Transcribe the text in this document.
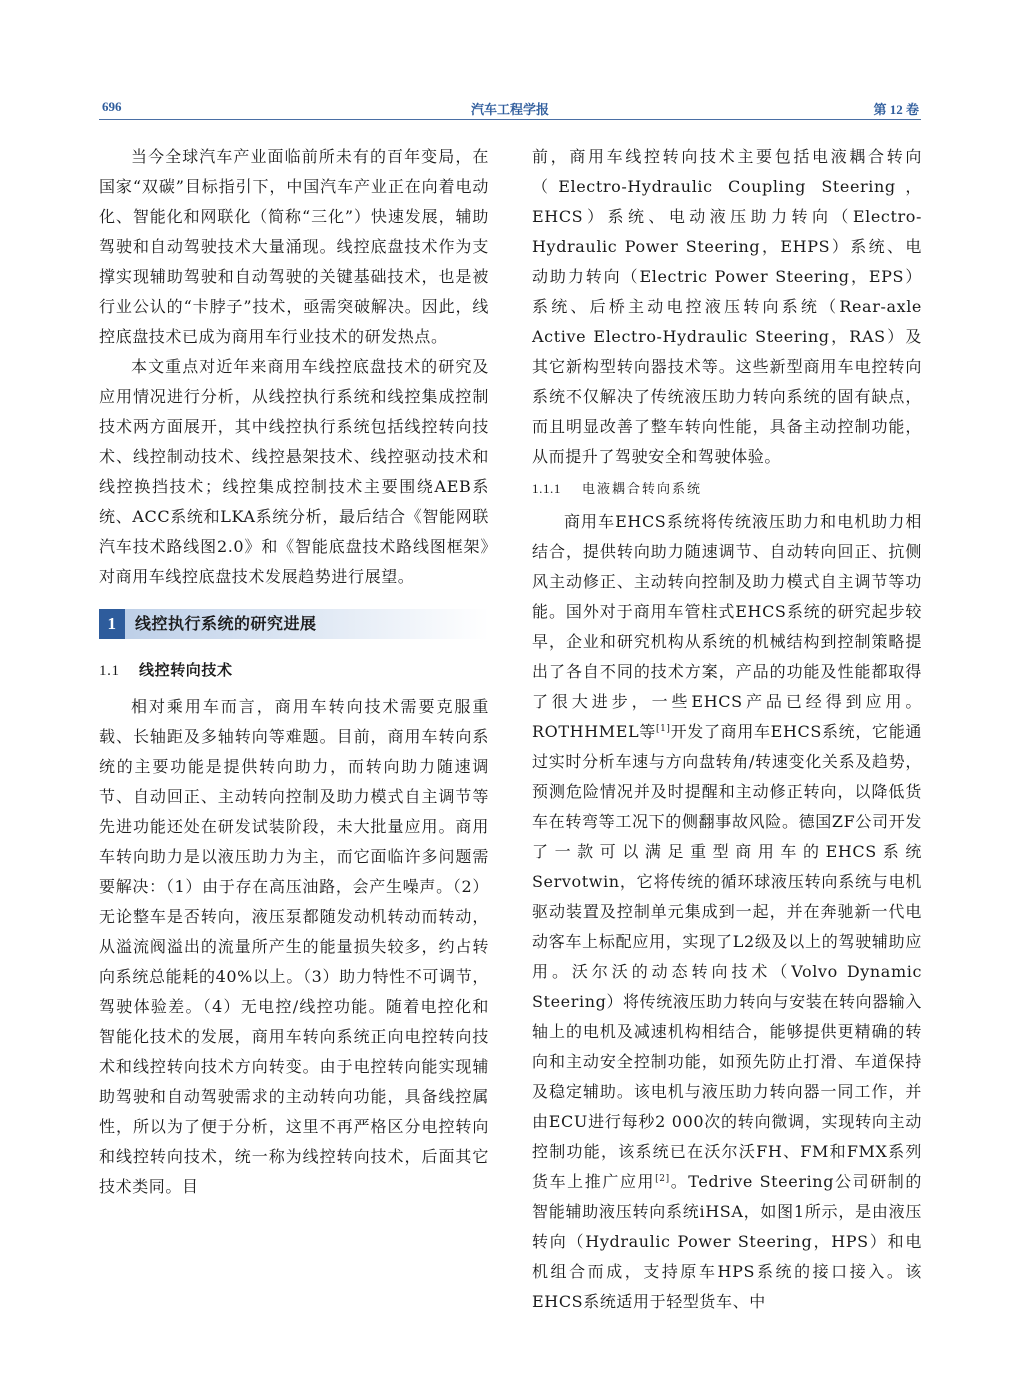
696	汽车工程学报	第 12 卷

当今全球汽车产业面临前所未有的百年变局，在国家“双碳”目标指引下，中国汽车产业正在向着电动化、智能化和网联化（简称“三化”）快速发展，辅助驾驶和自动驾驶技术大量涌现。线控底盘技术作为支撑实现辅助驾驶和自动驾驶的关键基础技术，也是被行业公认的“卡脖子”技术，亟需突破解决。因此，线控底盘技术已成为商用车行业技术的研发热点。

本文重点对近年来商用车线控底盘技术的研究及应用情况进行分析，从线控执行系统和线控集成控制技术两方面展开，其中线控执行系统包括线控转向技术、线控制动技术、线控悬架技术、线控驱动技术和线控换挡技术；线控集成控制技术主要围绕AEB系统、ACC系统和LKA系统分析，最后结合《智能网联汽车技术路线图2.0》和《智能底盘技术路线图框架》对商用车线控底盘技术发展趋势进行展望。

1	线控执行系统的研究进展
1.1 线控转向技术

相对乘用车而言，商用车转向技术需要克服重载、长轴距及多轴转向等难题。目前，商用车转向系统的主要功能是提供转向助力，而转向助力随速调节、自动回正、主动转向控制及助力模式自主调节等先进功能还处在研发试装阶段，未大批量应用。商用车转向助力是以液压助力为主，而它面临许多问题需要解决：（1）由于存在高压油路，会产生噪声。（2）无论整车是否转向，液压泵都随发动机转动而转动，从溢流阀溢出的流量所产生的能量损失较多，约占转向系统总能耗的40%以上。（3）助力特性不可调节，驾驶体验差。（4）无电控/线控功能。随着电控化和智能化技术的发展，商用车转向系统正向电控转向技术和线控转向技术方向转变。由于电控转向能实现辅助驾驶和自动驾驶需求的主动转向功能，具备线控属性，所以为了便于分析，这里不再严格区分电控转向和线控转向技术，统一称为线控转向技术，后面其它技术类同。目

前，商用车线控转向技术主要包括电液耦合转向（Electro-Hydraulic Coupling Steering，EHCS）系统、电动液压助力转向（Electro-Hydraulic Power Steering，EHPS）系统、电动助力转向（Electric Power Steering，EPS）系统、后桥主动电控液压转向系统（Rear-axle Active Electro-Hydraulic Steering，RAS）及其它新构型转向器技术等。这些新型商用车电控转向系统不仅解决了传统液压助力转向系统的固有缺点，而且明显改善了整车转向性能，具备主动控制功能，从而提升了驾驶安全和驾驶体验。

1.1.1 电液耦合转向系统

商用车EHCS系统将传统液压助力和电机助力相结合，提供转向助力随速调节、自动转向回正、抗侧风主动修正、主动转向控制及助力模式自主调节等功能。国外对于商用车管柱式EHCS系统的研究起步较早，企业和研究机构从系统的机械结构到控制策略提出了各自不同的技术方案，产品的功能及性能都取得了很大进步，一些EHCS产品已经得到应用。ROTHHMEL等[1]开发了商用车EHCS系统，它能通过实时分析车速与方向盘转角/转速变化关系及趋势，预测危险情况并及时提醒和主动修正转向，以降低货车在转弯等工况下的侧翻事故风险。德国ZF公司开发了一款可以满足重型商用车的EHCS系统Servotwin，它将传统的循环球液压转向系统与电机驱动装置及控制单元集成到一起，并在奔驰新一代电动客车上标配应用，实现了L2级及以上的驾驶辅助应用。沃尔沃的动态转向技术（Volvo Dynamic Steering）将传统液压助力转向与安装在转向器输入轴上的电机及减速机构相结合，能够提供更精确的转向和主动安全控制功能，如预先防止打滑、车道保持及稳定辅助。该电机与液压助力转向器一同工作，并由ECU进行每秒2 000次的转向微调，实现转向主动控制功能，该系统已在沃尔沃FH、FM和FMX系列货车上推广应用[2]。Tedrive Steering公司研制的智能辅助液压转向系统iHSA，如图1所示，是由液压转向（Hydraulic Power Steering，HPS）和电机组合而成，支持原车HPS系统的接口接入。该EHCS系统适用于轻型货车、中
